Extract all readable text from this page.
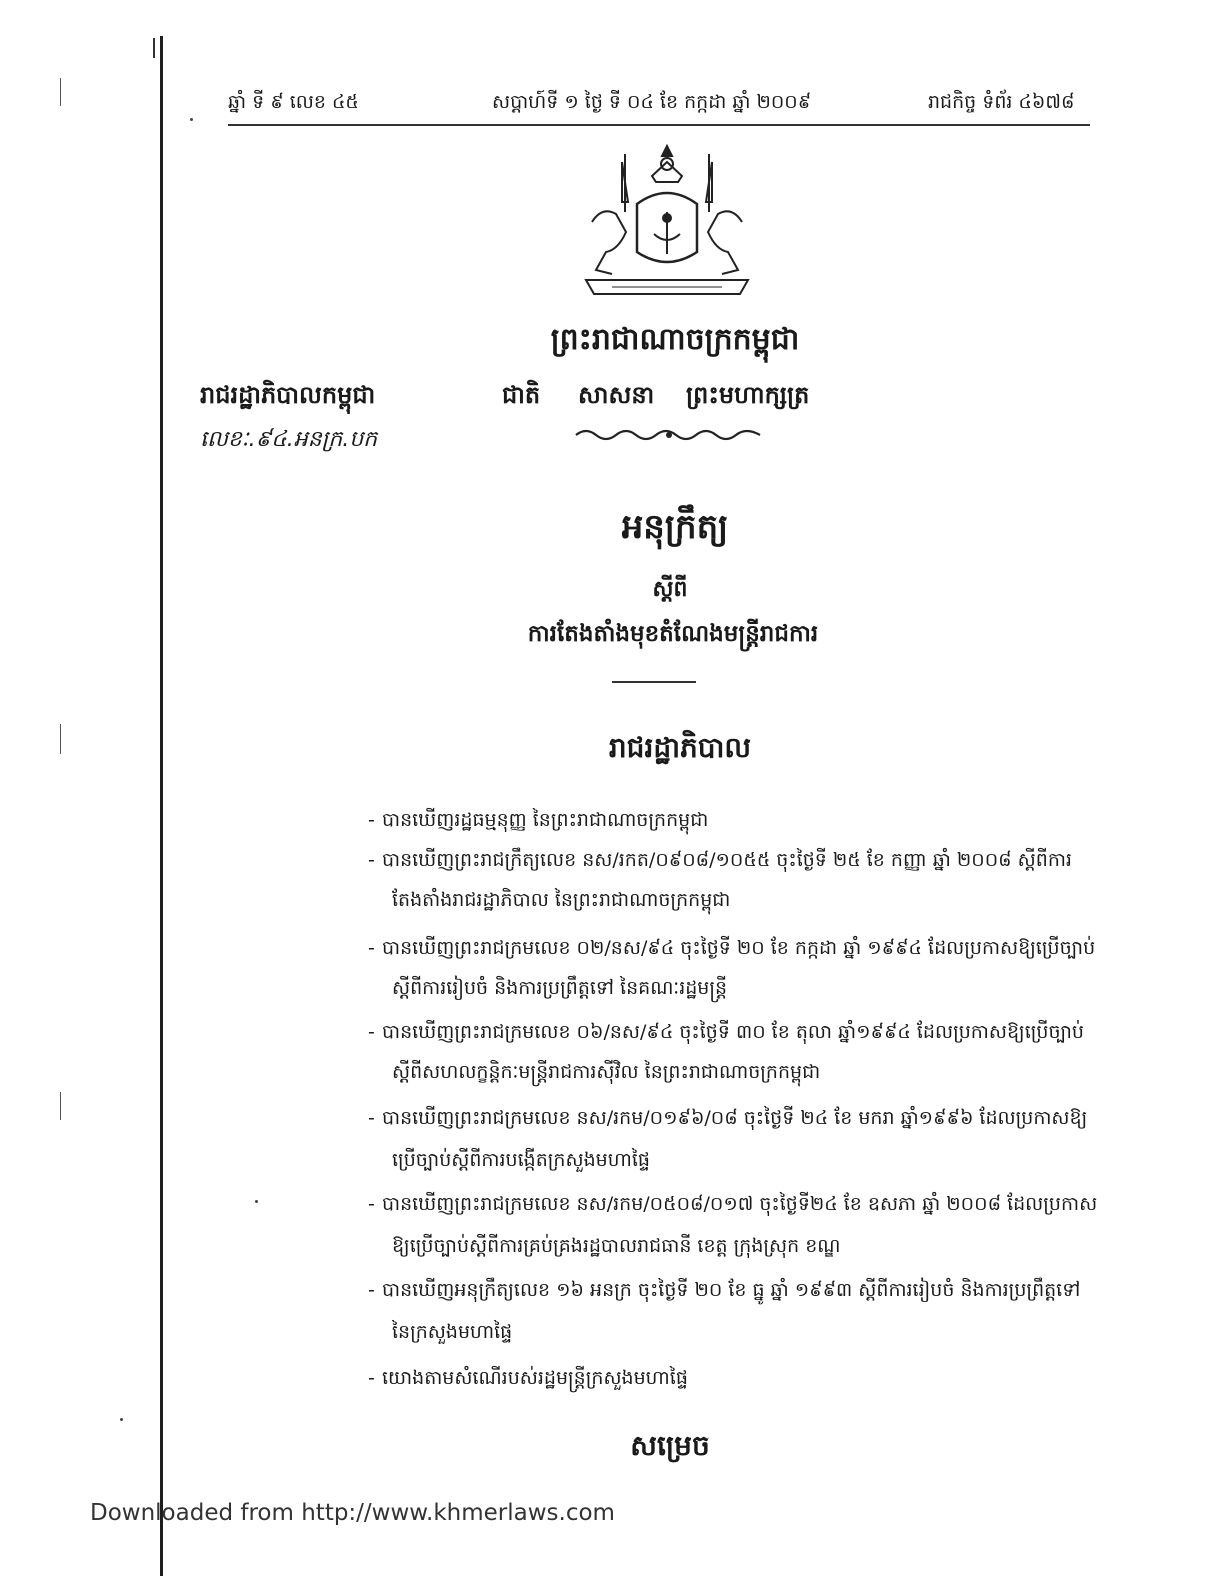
ឆ្នាំ ទី ៩ លេខ ៤៥	សប្តាហ៍ទី ១ ថ្ងៃ ទី ០៤ ខែ កក្កដា ឆ្នាំ ២០០៩	រាជកិច្ច ទំព័រ ៤៦៧៨
ព្រះរាជាណាចក្រកម្ពុជា
រាជរដ្ឋាភិបាលកម្ពុជា	ជាតិ សាសនា ព្រះមហាក្សត្រ
លេខៈ.៩៤.អនក្រ.បក
អនុក្រឹត្យ
ស្តីពី
ការតែងតាំងមុខតំណែងមន្ត្រីរាជការ
រាជរដ្ឋាភិបាល
- បានឃើញរដ្ឋធម្មនុញ្ញ នៃព្រះរាជាណាចក្រកម្ពុជា
- បានឃើញព្រះរាជក្រឹត្យលេខ នស/រកត/០៩០៨/១០៥៥ ចុះថ្ងៃទី ២៥ ខែ កញ្ញា ឆ្នាំ ២០០៨ ស្តីពីការ
តែងតាំងរាជរដ្ឋាភិបាល នៃព្រះរាជាណាចក្រកម្ពុជា
- បានឃើញព្រះរាជក្រមលេខ ០២/នស/៩៤ ចុះថ្ងៃទី ២០ ខែ កក្កដា ឆ្នាំ ១៩៩៤ ដែលប្រកាសឱ្យប្រើច្បាប់
ស្តីពីការរៀបចំ និងការប្រព្រឹត្តទៅ នៃគណៈរដ្ឋមន្ត្រី
- បានឃើញព្រះរាជក្រមលេខ ០៦/នស/៩៤ ចុះថ្ងៃទី ៣០ ខែ តុលា ឆ្នាំ១៩៩៤ ដែលប្រកាសឱ្យប្រើច្បាប់
ស្តីពីសហលក្ខន្តិកៈមន្ត្រីរាជការស៊ីវិល នៃព្រះរាជាណាចក្រកម្ពុជា
- បានឃើញព្រះរាជក្រមលេខ នស/រកម/០១៩៦/០៨ ចុះថ្ងៃទី ២៤ ខែ មករា ឆ្នាំ១៩៩៦ ដែលប្រកាសឱ្យ
ប្រើច្បាប់ស្តីពីការបង្កើតក្រសួងមហាផ្ទៃ
- បានឃើញព្រះរាជក្រមលេខ នស/រកម/០៥០៨/០១៧ ចុះថ្ងៃទី២៤ ខែ ឧសភា ឆ្នាំ ២០០៨ ដែលប្រកាស
ឱ្យប្រើច្បាប់ស្តីពីការគ្រប់គ្រងរដ្ឋបាលរាជធានី ខេត្ត ក្រុងស្រុក ខណ្ឌ
- បានឃើញអនុក្រឹត្យលេខ ១៦ អនក្រ ចុះថ្ងៃទី ២០ ខែ ធ្នូ ឆ្នាំ ១៩៩៣ ស្តីពីការរៀបចំ និងការប្រព្រឹត្តទៅ
នៃក្រសួងមហាផ្ទៃ
- យោងតាមសំណើរបស់រដ្ឋមន្ត្រីក្រសួងមហាផ្ទៃ
សម្រេច
Downloaded from http://www.khmerlaws.com
